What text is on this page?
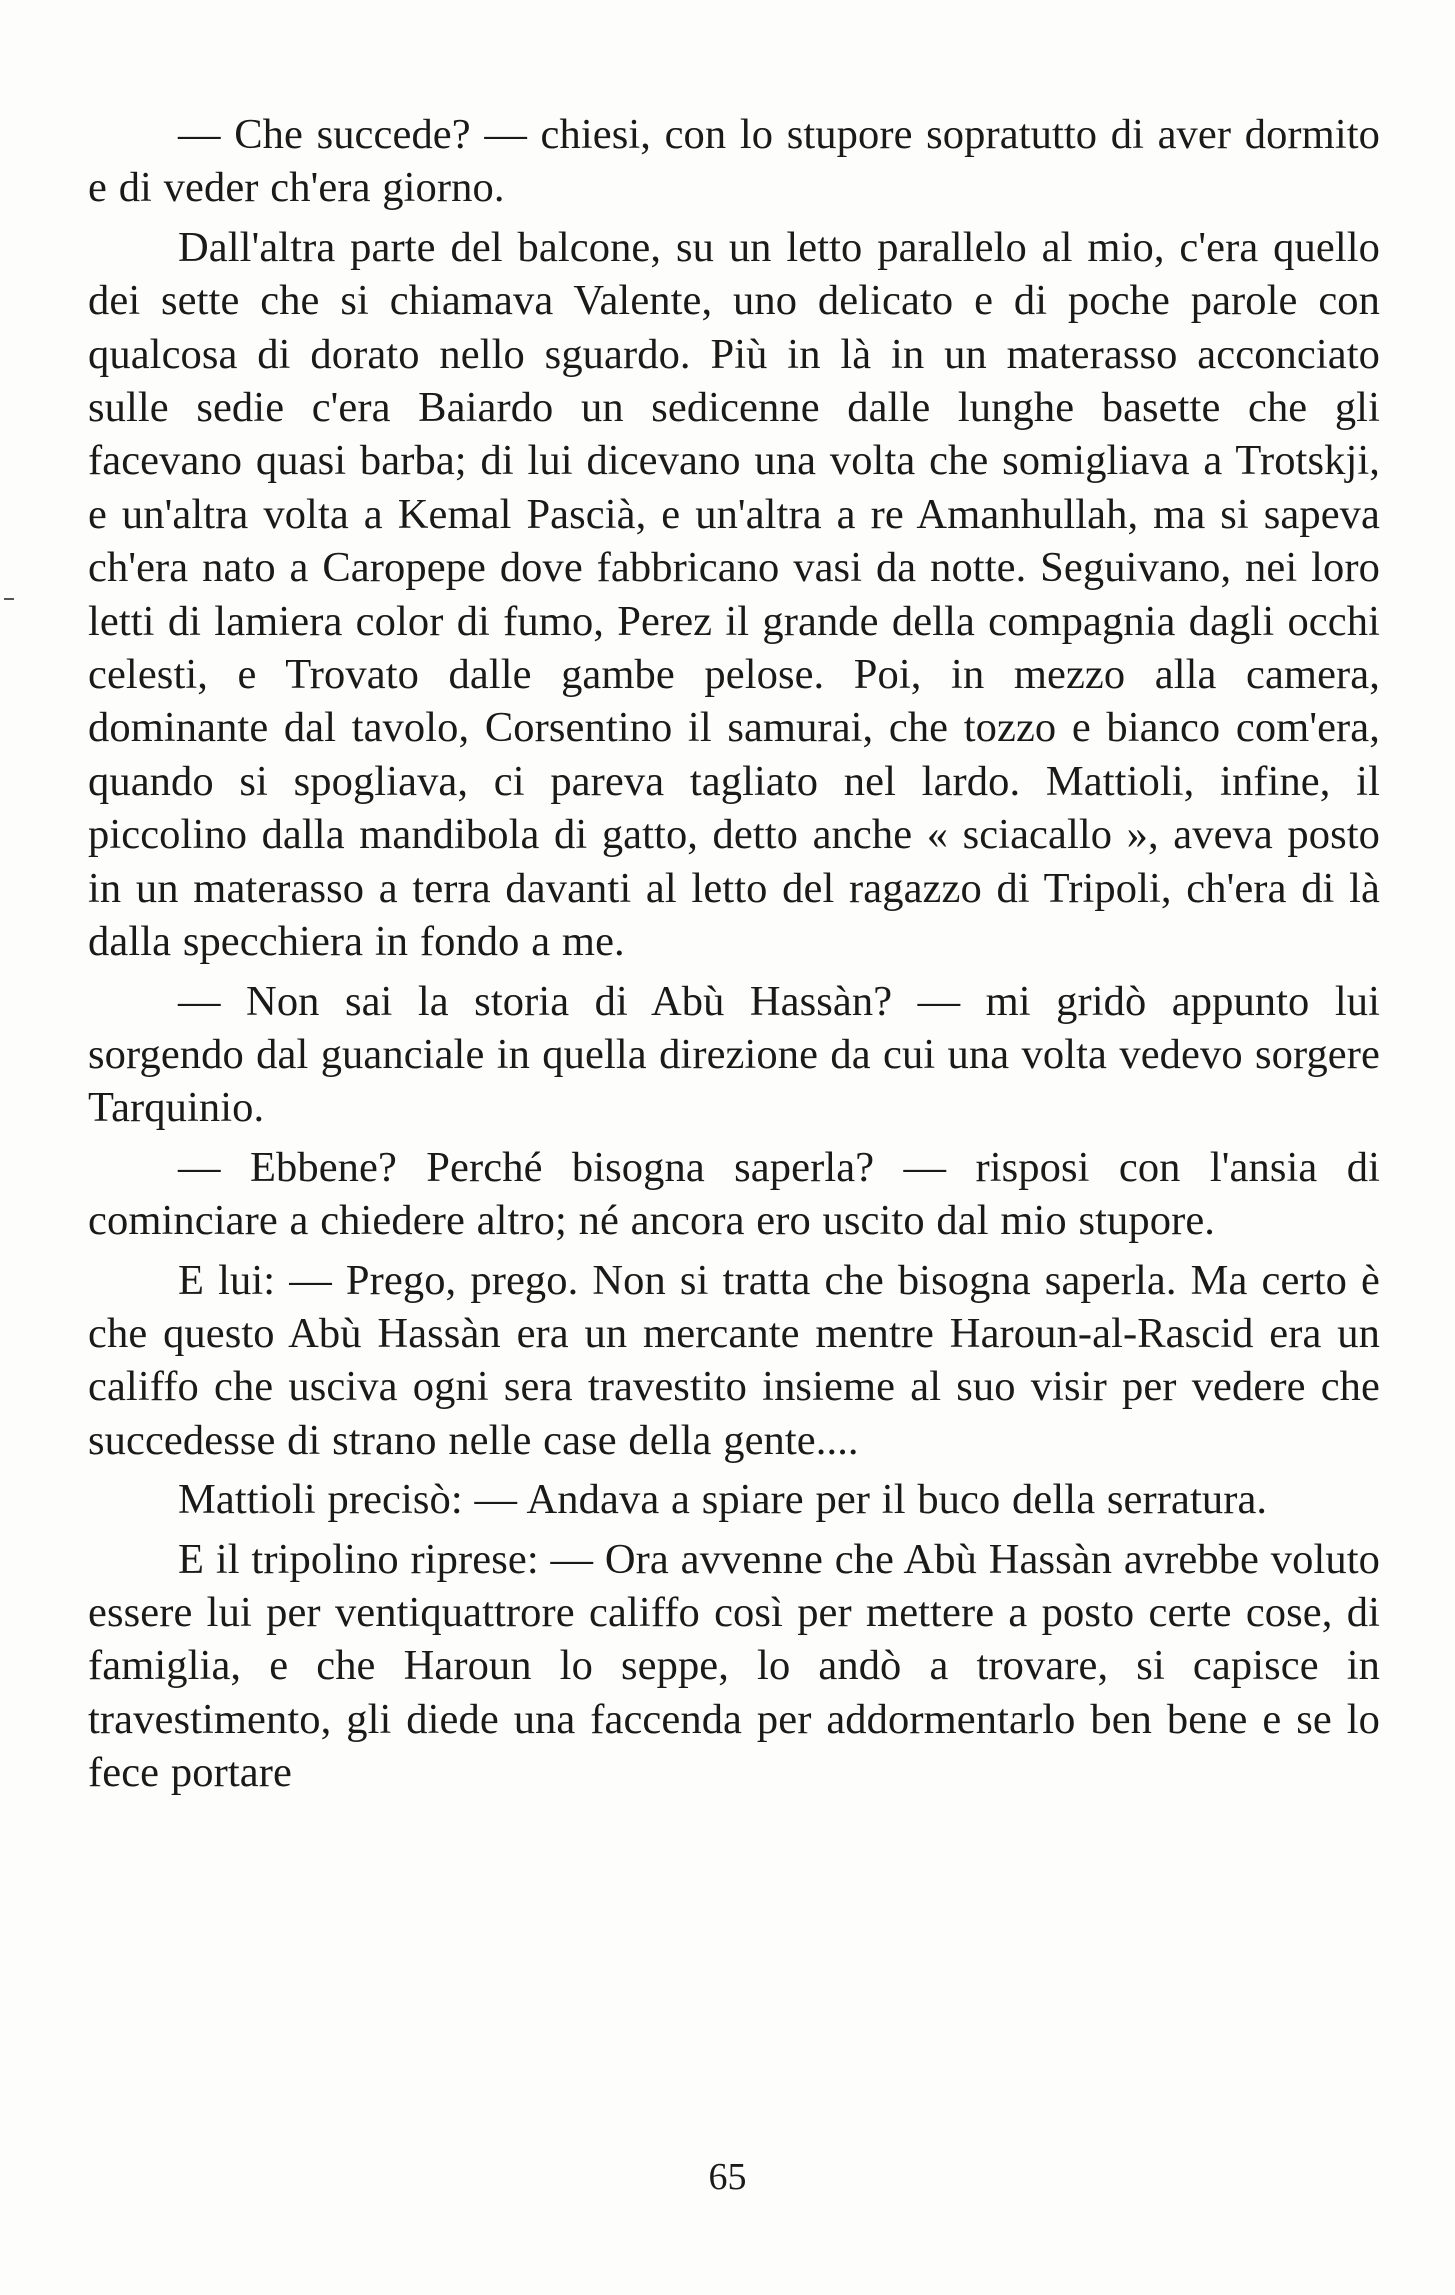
— Che succede? — chiesi, con lo stupore sopratutto di aver dormito e di veder ch'era giorno.

Dall'altra parte del balcone, su un letto parallelo al mio, c'era quello dei sette che si chiamava Valente, uno delicato e di poche parole con qualcosa di dorato nello sguardo. Più in là in un materasso acconciato sulle sedie c'era Baiardo un sedicenne dalle lunghe basette che gli facevano quasi barba; di lui dicevano una volta che somigliava a Trotskji, e un'altra volta a Kemal Pascià, e un'altra a re Amanhullah, ma si sapeva ch'era nato a Caropepe dove fabbricano vasi da notte. Seguivano, nei loro letti di lamiera color di fumo, Perez il grande della compagnia dagli occhi celesti, e Trovato dalle gambe pelose. Poi, in mezzo alla camera, dominante dal tavolo, Corsentino il samurai, che tozzo e bianco com'era, quando si spogliava, ci pareva tagliato nel lardo. Mattioli, infine, il piccolino dalla mandibola di gatto, detto anche « sciacallo », aveva posto in un materasso a terra davanti al letto del ragazzo di Tripoli, ch'era di là dalla specchiera in fondo a me.

— Non sai la storia di Abù Hassàn? — mi gridò appunto lui sorgendo dal guanciale in quella direzione da cui una volta vedevo sorgere Tarquinio.

— Ebbene? Perché bisogna saperla? — risposi con l'ansia di cominciare a chiedere altro; né ancora ero uscito dal mio stupore.

E lui: — Prego, prego. Non si tratta che bisogna saperla. Ma certo è che questo Abù Hassàn era un mercante mentre Haroun-al-Rascid era un califfo che usciva ogni sera travestito insieme al suo visir per vedere che succedesse di strano nelle case della gente....

Mattioli precisò: — Andava a spiare per il buco della serratura.

E il tripolino riprese: — Ora avvenne che Abù Hassàn avrebbe voluto essere lui per ventiquattrore califfo così per mettere a posto certe cose, di famiglia, e che Haroun lo seppe, lo andò a trovare, si capisce in travestimento, gli diede una faccenda per addormentarlo ben bene e se lo fece portare

65
